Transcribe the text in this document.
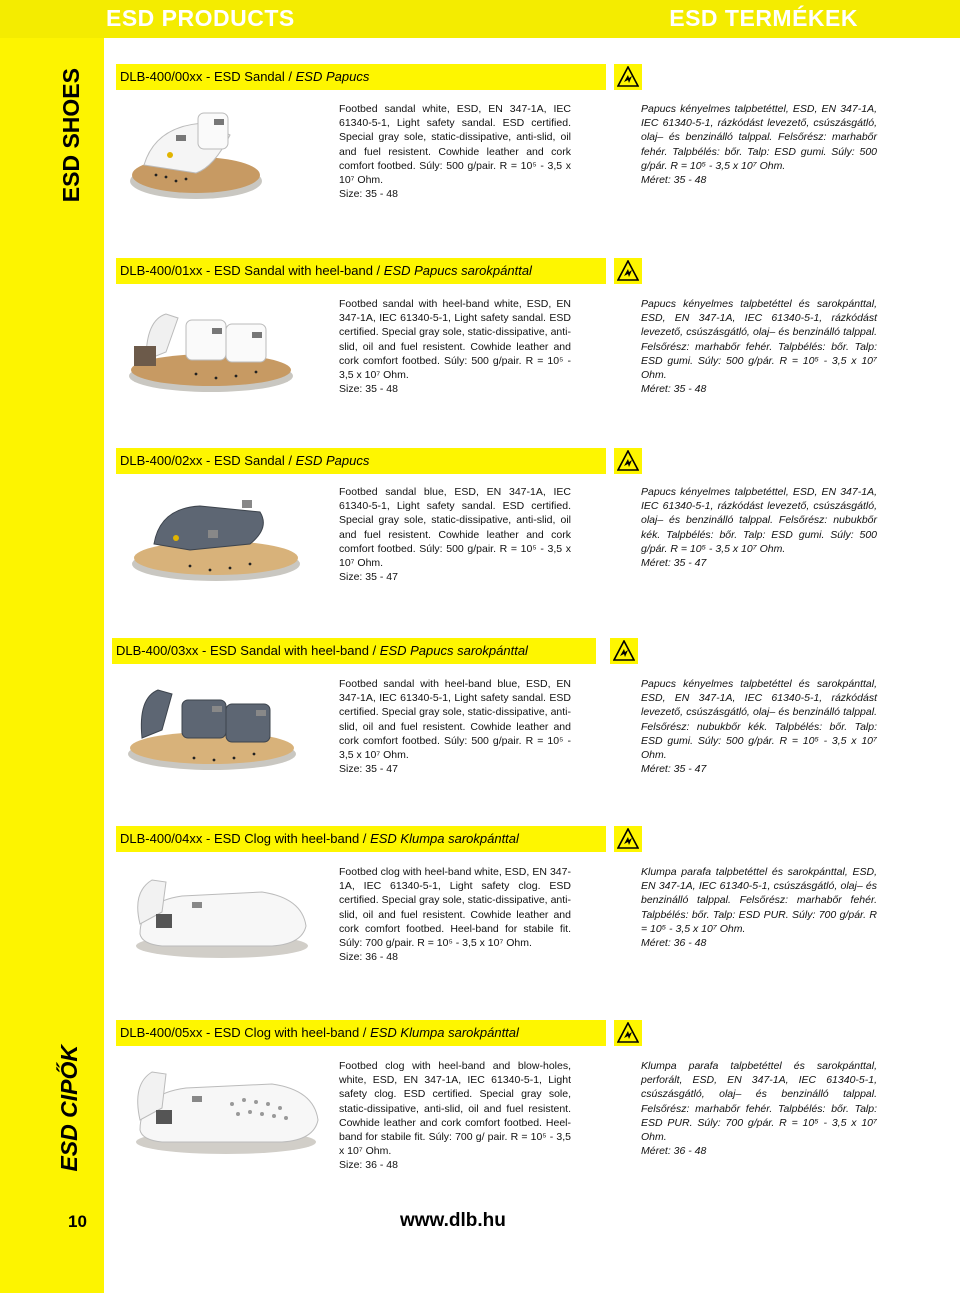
ESD PRODUCTS	ESD TERMÉKEK
ESD SHOES
ESD CIPŐK
10
DLB-400/00xx - ESD Sandal / ESD Papucs
Footbed sandal white, ESD, EN 347-1A, IEC 61340-5-1, Light safety sandal. ESD certified. Special gray sole, static-dissipative, anti-slid, oil and fuel resistent. Cowhide leather and cork comfort footbed. Súly: 500 g/pair. R = 10⁵ - 3,5 x 10⁷ Ohm.
Size: 35 - 48
Papucs kényelmes talpbetéttel, ESD, EN 347-1A, IEC 61340-5-1, rázkódást levezető, csúszásgátló, olaj– és benzinálló talppal. Felsőrész: marhabőr fehér. Talpbélés: bőr. Talp: ESD gumi. Súly: 500 g/pár. R = 10⁵ - 3,5 x 10⁷ Ohm.
Méret: 35 - 48
DLB-400/01xx - ESD Sandal with heel-band / ESD Papucs sarokpánttal
Footbed sandal with heel-band white, ESD, EN 347-1A, IEC 61340-5-1, Light safety sandal. ESD certified. Special gray sole, static-dissipative, anti-slid, oil and fuel resistent. Cowhide leather and cork comfort footbed. Súly: 500 g/pair. R = 10⁵ - 3,5 x 10⁷ Ohm.
Size: 35 - 48
Papucs kényelmes talpbetéttel és sarokpánttal, ESD, EN 347-1A, IEC 61340-5-1, rázkódást levezető, csúszásgátló, olaj– és benzinálló talppal. Felsőrész: marhabőr fehér. Talpbélés: bőr. Talp: ESD gumi. Súly: 500 g/pár. R = 10⁵ - 3,5 x 10⁷ Ohm.
Méret: 35 - 48
DLB-400/02xx - ESD Sandal / ESD Papucs
Footbed sandal blue, ESD, EN 347-1A, IEC 61340-5-1, Light safety sandal. ESD certified. Special gray sole, static-dissipative, anti-slid, oil and fuel resistent. Cowhide leather and cork comfort footbed. Súly: 500 g/pair. R = 10⁵ - 3,5 x 10⁷ Ohm.
Size: 35 - 47
Papucs kényelmes talpbetéttel, ESD, EN 347-1A, IEC 61340-5-1, rázkódást levezető, csúszásgátló, olaj– és benzinálló talppal. Felsőrész: nubukbőr kék. Talpbélés: bőr. Talp: ESD gumi. Súly: 500 g/pár. R = 10⁵ - 3,5 x 10⁷ Ohm.
Méret: 35 - 47
DLB-400/03xx - ESD Sandal with heel-band / ESD Papucs sarokpánttal
Footbed sandal with heel-band blue, ESD, EN 347-1A, IEC 61340-5-1, Light safety sandal. ESD certified. Special gray sole, static-dissipative, anti-slid, oil and fuel resistent. Cowhide leather and cork comfort footbed. Súly: 500 g/pair. R = 10⁵ - 3,5 x 10⁷ Ohm.
Size: 35 - 47
Papucs kényelmes talpbetéttel és sarokpánttal, ESD, EN 347-1A, IEC 61340-5-1, rázkódást levezető, csúszásgátló, olaj– és benzinálló talppal. Felsőrész: nubukbőr kék. Talpbélés: bőr. Talp: ESD gumi. Súly: 500 g/pár. R = 10⁵ - 3,5 x 10⁷ Ohm.
Méret: 35 - 47
DLB-400/04xx - ESD Clog with heel-band / ESD Klumpa sarokpánttal
Footbed clog with heel-band white, ESD, EN 347-1A, IEC 61340-5-1, Light safety clog. ESD certified. Special gray sole, static-dissipative, anti-slid, oil and fuel resistent. Cowhide leather and cork comfort footbed. Heel-band for stabile fit. Súly: 700 g/pair. R = 10⁵ - 3,5 x 10⁷ Ohm.
Size: 36 - 48
Klumpa parafa talpbetéttel és sarokpánttal, ESD, EN 347-1A, IEC 61340-5-1, csúszásgátló, olaj– és benzinálló talppal. Felsőrész: marhabőr fehér. Talpbélés: bőr. Talp: ESD PUR. Súly: 700 g/pár. R = 10⁵ - 3,5 x 10⁷ Ohm.
Méret: 36 - 48
DLB-400/05xx - ESD Clog with heel-band / ESD Klumpa sarokpánttal
Footbed clog with heel-band and blow-holes, white, ESD, EN 347-1A, IEC 61340-5-1, Light safety clog. ESD certified. Special gray sole, static-dissipative, anti-slid, oil and fuel resistent. Cowhide leather and cork comfort footbed. Heel-band for stabile fit. Súly: 700 g/ pair. R = 10⁵ - 3,5 x 10⁷ Ohm.
Size: 36 - 48
Klumpa parafa talpbetéttel és sarokpánttal, perforált, ESD, EN 347-1A, IEC 61340-5-1, csúszásgátló, olaj– és benzinálló talppal. Felsőrész: marhabőr fehér. Talpbélés: bőr. Talp: ESD PUR. Súly: 700 g/pár. R = 10⁵ - 3,5 x 10⁷ Ohm.
Méret: 36 - 48
www.dlb.hu
